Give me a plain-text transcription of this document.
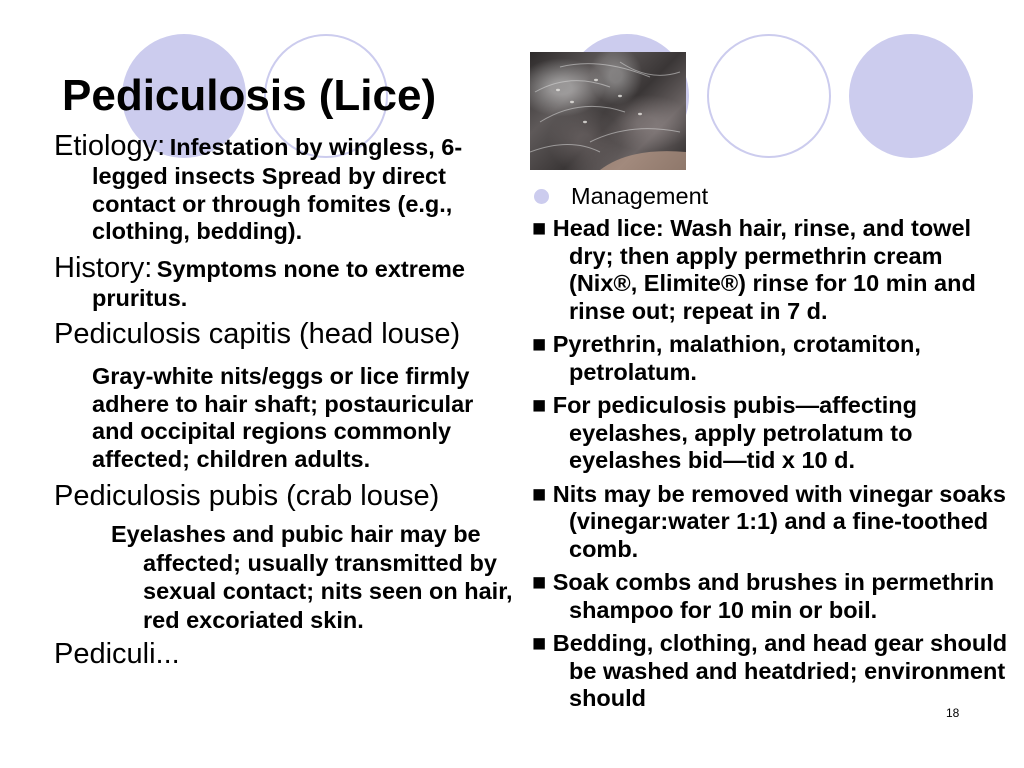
Pediculosis (Lice)

Etiology: Infestation by wingless, 6-legged insects Spread by direct contact or through fomites (e.g., clothing, bedding).

History: Symptoms none to extreme pruritus.

Pediculosis capitis (head louse)

Gray-white nits/eggs or lice firmly adhere to hair shaft; postauricular and occipital regions commonly affected; children adults.

Pediculosis pubis (crab louse)

Eyelashes and pubic hair may be affected; usually transmitted by sexual contact; nits seen on hair, red excoriated skin.

Pediculi...

Management

■ Head lice: Wash hair, rinse, and towel dry; then apply permethrin cream (Nix®, Elimite®) rinse for 10 min and rinse out; repeat in 7 d.

■ Pyrethrin, malathion, crotamiton, petrolatum.

■ For pediculosis pubis—affecting eyelashes, apply petrolatum to eyelashes bid—tid x 10 d.

■ Nits may be removed with vinegar soaks (vinegar:water 1:1) and a fine-toothed comb.

■ Soak combs and brushes in permethrin shampoo for 10 min or boil.

■ Bedding, clothing, and head gear should be washed and heatdried; environment should

18
